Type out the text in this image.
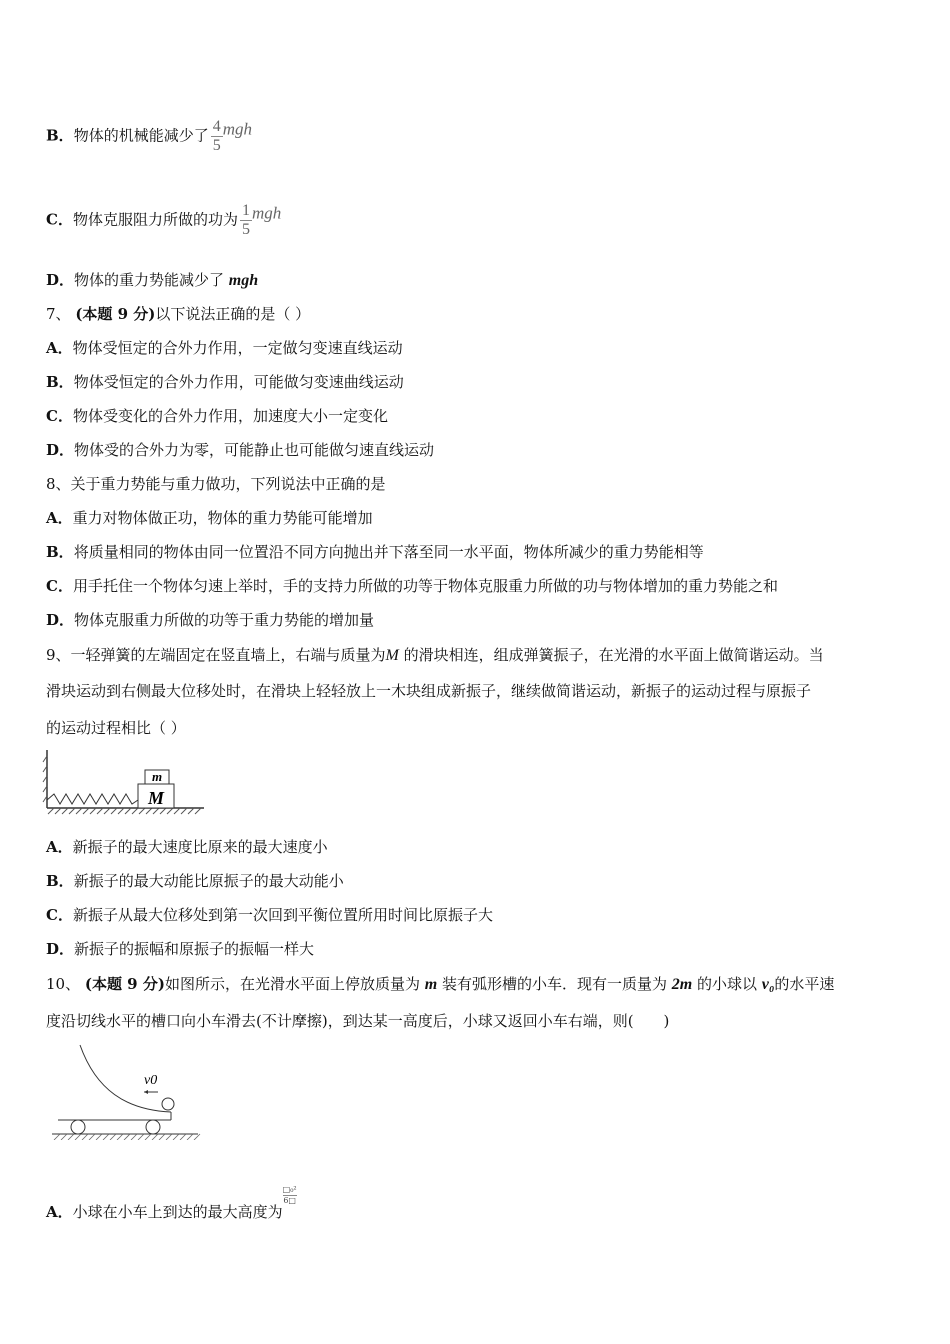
B．物体的机械能减少了 $\frac{4}{5}$ mgh
C．物体克服阻力所做的功为 $\frac{1}{5}$ mgh
D．物体的重力势能减少了 mgh
7、 (本题 9 分)以下说法正确的是（ ）
A．物体受恒定的合外力作用，一定做匀变速直线运动
B．物体受恒定的合外力作用，可能做匀变速曲线运动
C．物体受变化的合外力作用，加速度大小一定变化
D．物体受的合外力为零，可能静止也可能做匀速直线运动
8、关于重力势能与重力做功，下列说法中正确的是
A．重力对物体做正功，物体的重力势能可能增加
B．将质量相同的物体由同一位置沿不同方向抛出并下落至同一水平面，物体所减少的重力势能相等
C．用手托住一个物体匀速上举时，手的支持力所做的功等于物体克服重力所做的功与物体增加的重力势能之和
D．物体克服重力所做的功等于重力势能的增加量
9、一轻弹簧的左端固定在竖直墙上，右端与质量为M 的滑块相连，组成弹簧振子，在光滑的水平面上做简谐运动。当
滑块运动到右侧最大位移处时，在滑块上轻轻放上一木块组成新振子，继续做简谐运动，新振子的运动过程与原振子
的运动过程相比（ ）
m
M
A．新振子的最大速度比原来的最大速度小
B．新振子的最大动能比原振子的最大动能小
C．新振子从最大位移处到第一次回到平衡位置所用时间比原振子大
D．新振子的振幅和原振子的振幅一样大
10、 (本题 9 分)如图所示，在光滑水平面上停放质量为 m 装有弧形槽的小车．现有一质量为 2m 的小球以 v₀的水平速
度沿切线水平的槽口向小车滑去(不计摩擦)，到达某一高度后，小球又返回小车右端，则(　　)
v0
A．小球在小车上到达的最大高度为
□₀²
6□
